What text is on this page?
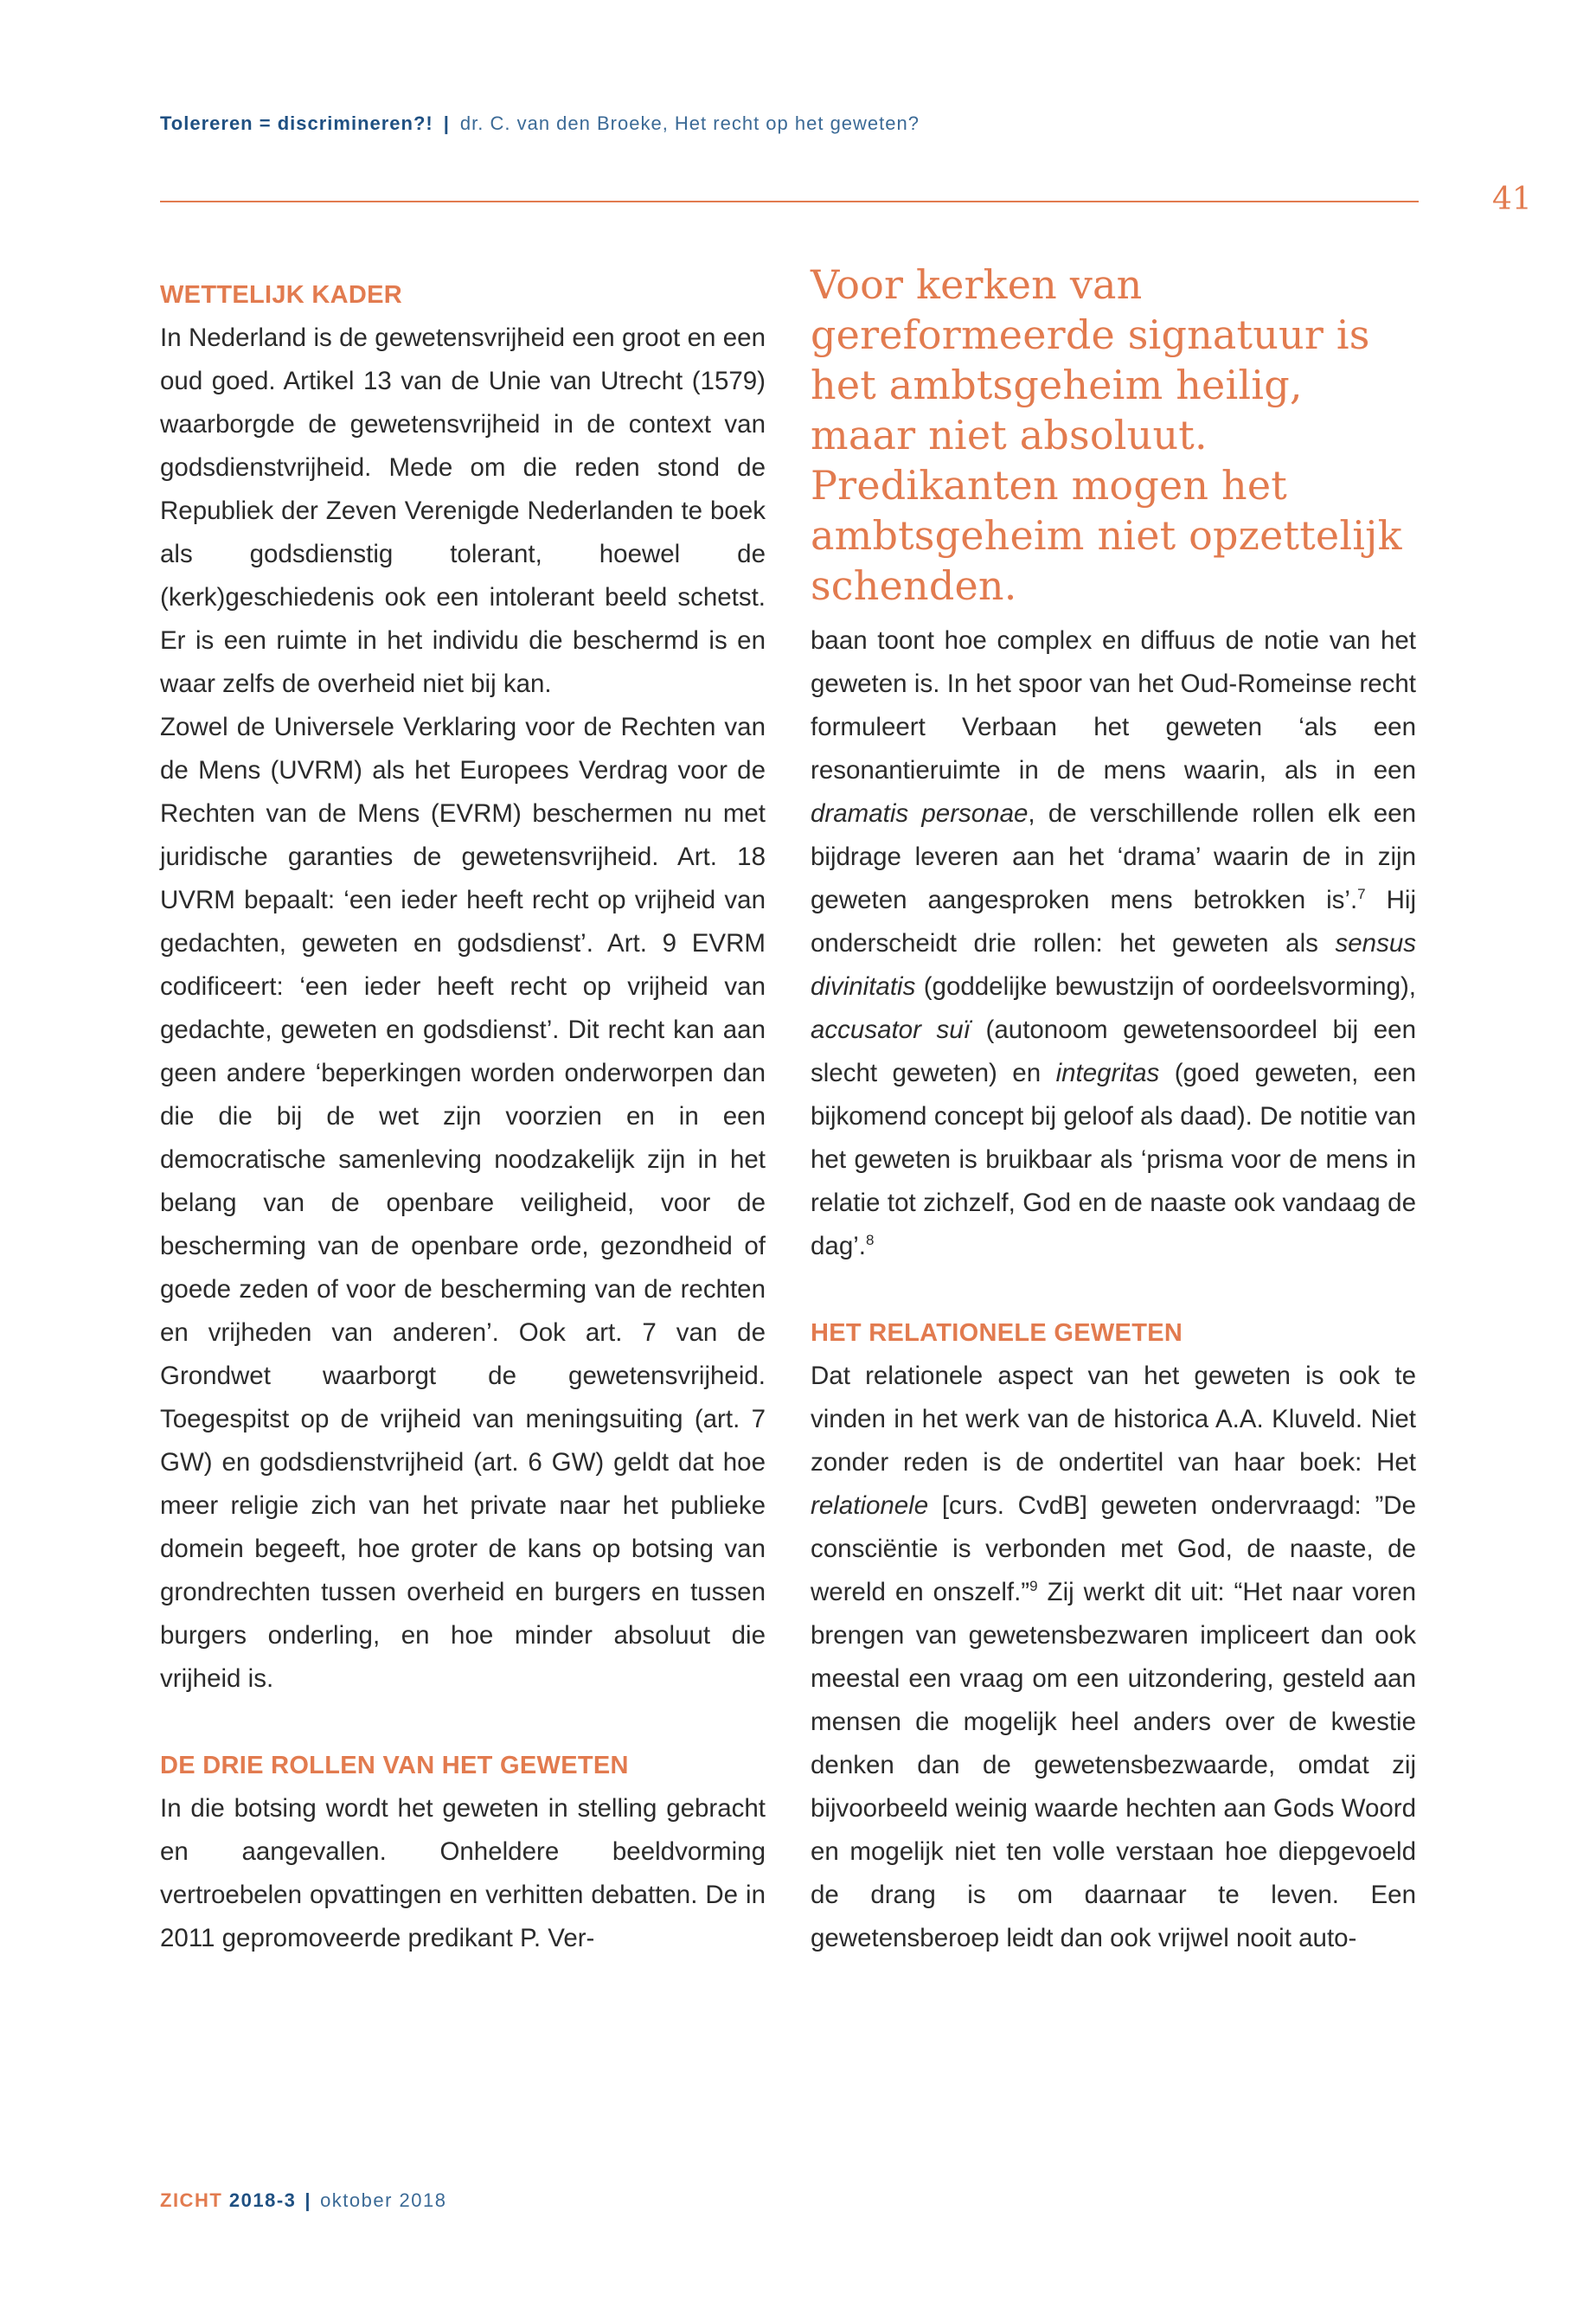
Tolereren = discrimineren?! | dr. C. van den Broeke, Het recht op het geweten?
41
WETTELIJK KADER

In Nederland is de gewetensvrijheid een groot en een oud goed. Artikel 13 van de Unie van Utrecht (1579) waarborgde de gewetensvrijheid in de context van godsdienstvrijheid. Mede om die reden stond de Republiek der Zeven Verenigde Nederlanden te boek als godsdienstig tolerant, hoewel de (kerk)geschiedenis ook een intolerant beeld schetst. Er is een ruimte in het individu die beschermd is en waar zelfs de overheid niet bij kan.

Zowel de Universele Verklaring voor de Rechten van de Mens (UVRM) als het Europees Verdrag voor de Rechten van de Mens (EVRM) beschermen nu met juridische garanties de gewetensvrijheid. Art. 18 UVRM bepaalt: ‘een ieder heeft recht op vrijheid van gedachten, geweten en godsdienst’. Art. 9 EVRM codificeert: ‘een ieder heeft recht op vrijheid van gedachte, geweten en godsdienst’. Dit recht kan aan geen andere ‘beperkingen worden onderworpen dan die die bij de wet zijn voorzien en in een democratische samenleving noodzakelijk zijn in het belang van de openbare veiligheid, voor de bescherming van de openbare orde, gezondheid of goede zeden of voor de bescherming van de rechten en vrijheden van anderen’. Ook art. 7 van de Grondwet waarborgt de gewetensvrijheid. Toegespitst op de vrijheid van meningsuiting (art. 7 GW) en godsdienstvrijheid (art. 6 GW) geldt dat hoe meer religie zich van het private naar het publieke domein begeeft, hoe groter de kans op botsing van grondrechten tussen overheid en burgers en tussen burgers onderling, en hoe minder absoluut die vrijheid is.

DE DRIE ROLLEN VAN HET GEWETEN

In die botsing wordt het geweten in stelling gebracht en aangevallen. Onheldere beeldvorming vertroebelen opvattingen en verhitten debatten. De in 2011 gepromoveerde predikant P. Ver-

Voor kerken van gereformeerde signatuur is het ambtsgeheim heilig, maar niet absoluut. Predikanten mogen het ambtsgeheim niet opzettelijk schenden.

baan toont hoe complex en diffuus de notie van het geweten is. In het spoor van het Oud-Romeinse recht formuleert Verbaan het geweten ‘als een resonantieruimte in de mens waarin, als in een dramatis personae, de verschillende rollen elk een bijdrage leveren aan het ‘drama’ waarin de in zijn geweten aangesproken mens betrokken is’.$^7$ Hij onderscheidt drie rollen: het geweten als sensus divinitatis (goddelijke bewustzijn of oordeelsvorming), accusator suï (autonoom gewetensoordeel bij een slecht geweten) en integritas (goed geweten, een bijkomend concept bij geloof als daad). De notitie van het geweten is bruikbaar als ‘prisma voor de mens in relatie tot zichzelf, God en de naaste ook vandaag de dag’.$^8$

HET RELATIONELE GEWETEN

Dat relationele aspect van het geweten is ook te vinden in het werk van de historica A.A. Kluveld. Niet zonder reden is de ondertitel van haar boek: Het relationele [curs. CvdB] geweten ondervraagd: ”De consciëntie is verbonden met God, de naaste, de wereld en onszelf.”$^9$ Zij werkt dit uit: “Het naar voren brengen van gewetensbezwaren impliceert dan ook meestal een vraag om een uitzondering, gesteld aan mensen die mogelijk heel anders over de kwestie denken dan de gewetensbezwaarde, omdat zij bijvoorbeeld weinig waarde hechten aan Gods Woord en mogelijk niet ten volle verstaan hoe diepgevoeld de drang is om daarnaar te leven. Een gewetensberoep leidt dan ook vrijwel nooit auto-

ZICHT 2018-3 | oktober 2018
